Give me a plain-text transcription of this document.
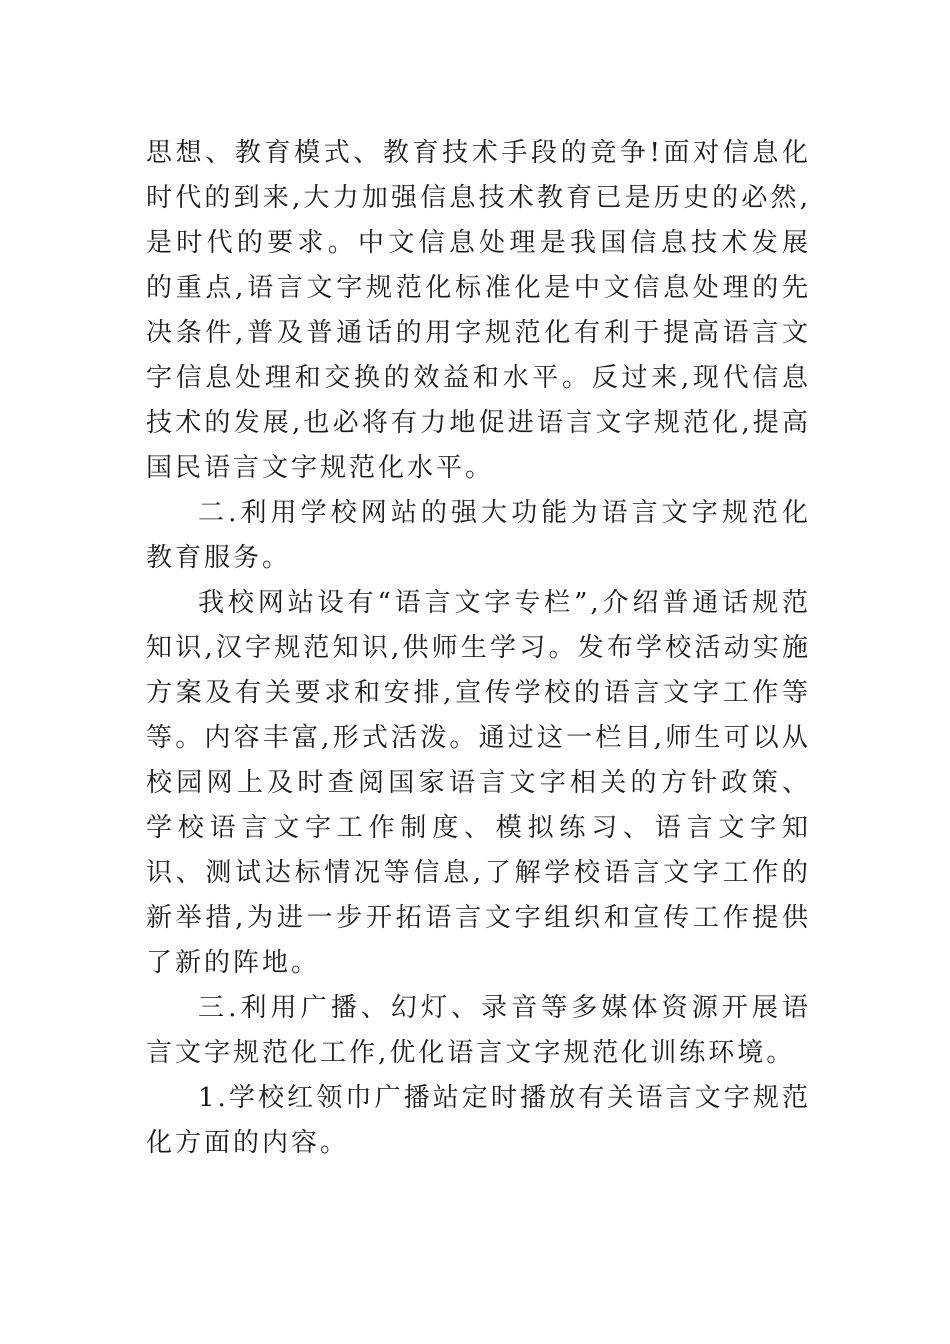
思想、教育模式、教育技术手段的竞争!面对信息化时代的到来,大力加强信息技术教育已是历史的必然,是时代的要求。中文信息处理是我国信息技术发展的重点,语言文字规范化标准化是中文信息处理的先决条件,普及普通话的用字规范化有利于提高语言文字信息处理和交换的效益和水平。反过来,现代信息技术的发展,也必将有力地促进语言文字规范化,提高国民语言文字规范化水平。

二.利用学校网站的强大功能为语言文字规范化教育服务。

我校网站设有“语言文字专栏”,介绍普通话规范知识,汉字规范知识,供师生学习。发布学校活动实施方案及有关要求和安排,宣传学校的语言文字工作等等。内容丰富,形式活泼。通过这一栏目,师生可以从校园网上及时查阅国家语言文字相关的方针政策、学校语言文字工作制度、模拟练习、语言文字知识、测试达标情况等信息,了解学校语言文字工作的新举措,为进一步开拓语言文字组织和宣传工作提供了新的阵地。

三.利用广播、幻灯、录音等多媒体资源开展语言文字规范化工作,优化语言文字规范化训练环境。

1.学校红领巾广播站定时播放有关语言文字规范化方面的内容。
